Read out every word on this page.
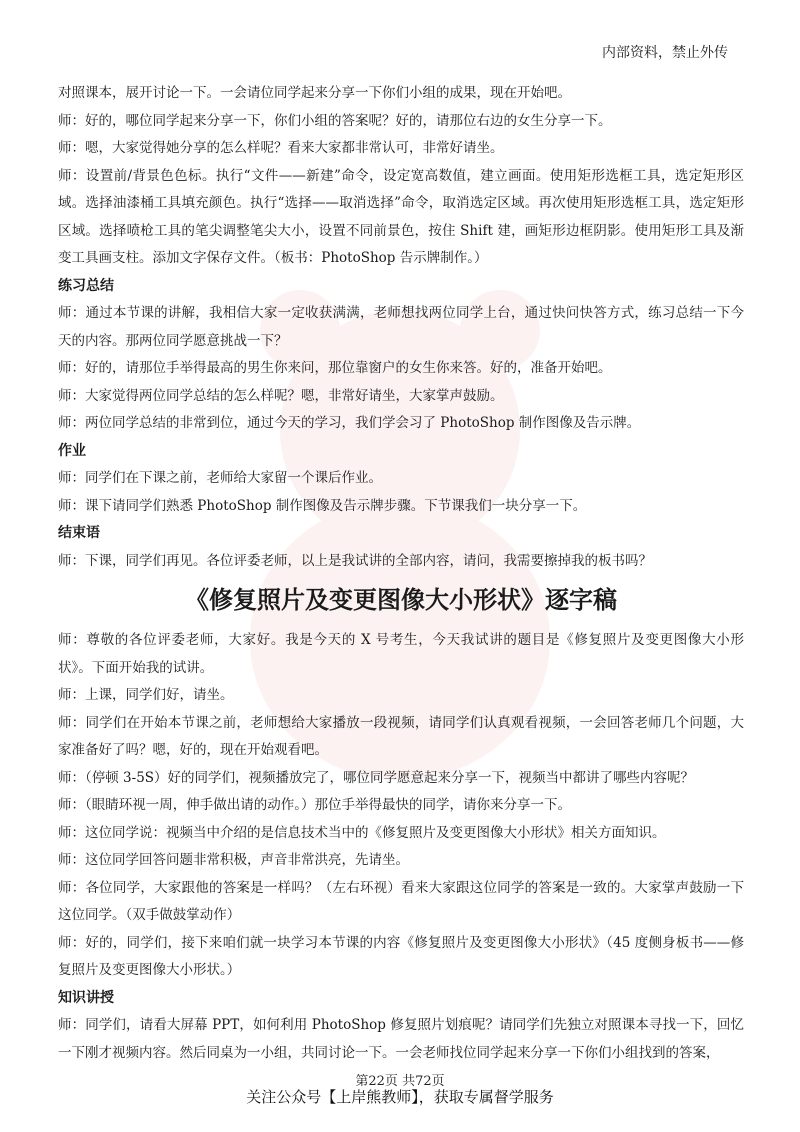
内部资料，禁止外传

对照课本，展开讨论一下。一会请位同学起来分享一下你们小组的成果，现在开始吧。

师：好的，哪位同学起来分享一下，你们小组的答案呢？好的，请那位右边的女生分享一下。

师：嗯，大家觉得她分享的怎么样呢？看来大家都非常认可，非常好请坐。

师：设置前/背景色色标。执行“文件——新建”命令，设定宽高数值，建立画面。使用矩形选框工具，选定矩形区域。选择油漆桶工具填充颜色。执行“选择——取消选择”命令，取消选定区域。再次使用矩形选框工具，选定矩形区域。选择喷枪工具的笔尖调整笔尖大小，设置不同前景色，按住 Shift 建，画矩形边框阴影。使用矩形工具及渐变工具画支柱。添加文字保存文件。（板书：PhotoShop 告示牌制作。）

练习总结

师：通过本节课的讲解，我相信大家一定收获满满，老师想找两位同学上台，通过快问快答方式，练习总结一下今天的内容。那两位同学愿意挑战一下？

师：好的，请那位手举得最高的男生你来问，那位靠窗户的女生你来答。好的，准备开始吧。

师：大家觉得两位同学总结的怎么样呢？嗯，非常好请坐，大家掌声鼓励。

师：两位同学总结的非常到位，通过今天的学习，我们学会习了 PhotoShop 制作图像及告示牌。

作业

师：同学们在下课之前，老师给大家留一个课后作业。

师：课下请同学们熟悉 PhotoShop 制作图像及告示牌步骤。下节课我们一块分享一下。

结束语

师：下课，同学们再见。各位评委老师，以上是我试讲的全部内容，请问，我需要擦掉我的板书吗？

《修复照片及变更图像大小形状》逐字稿

师：尊敬的各位评委老师，大家好。我是今天的 X 号考生，今天我试讲的题目是《修复照片及变更图像大小形状》。下面开始我的试讲。

师：上课，同学们好，请坐。

师：同学们在开始本节课之前，老师想给大家播放一段视频，请同学们认真观看视频，一会回答老师几个问题，大家准备好了吗？嗯，好的，现在开始观看吧。

师：（停顿 3-5S）好的同学们，视频播放完了，哪位同学愿意起来分享一下，视频当中都讲了哪些内容呢？

师：（眼睛环视一周，伸手做出请的动作。）那位手举得最快的同学，请你来分享一下。

师：这位同学说：视频当中介绍的是信息技术当中的《修复照片及变更图像大小形状》相关方面知识。

师：这位同学回答问题非常积极，声音非常洪亮，先请坐。

师：各位同学，大家跟他的答案是一样吗？（左右环视）看来大家跟这位同学的答案是一致的。大家掌声鼓励一下这位同学。（双手做鼓掌动作）

师：好的，同学们，接下来咱们就一块学习本节课的内容《修复照片及变更图像大小形状》（45 度侧身板书——修复照片及变更图像大小形状。）

知识讲授

师：同学们，请看大屏幕 PPT，如何利用 PhotoShop 修复照片划痕呢？请同学们先独立对照课本寻找一下，回忆一下刚才视频内容。然后同桌为一小组，共同讨论一下。一会老师找位同学起来分享一下你们小组找到的答案，

第22页 共72页
关注公众号【上岸熊教师】，获取专属督学服务
